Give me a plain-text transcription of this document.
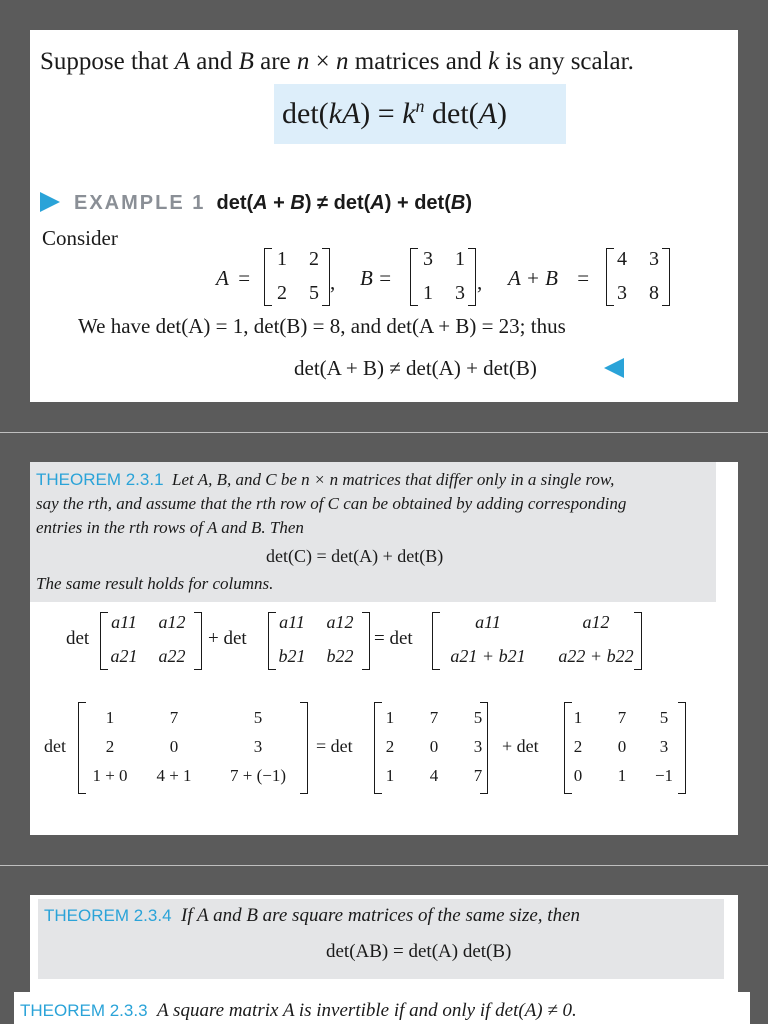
Suppose that A and B are n × n matrices and k is any scalar.
$\det(kA) = k^n$ det(A)
EXAMPLE 1 det(A + B) ≠ det(A) + det(B)
Consider
A =
1 2
2 5 , B =
3 1
1 3 , A + B =
4 3
3 8
We have det(A) = 1, det(B) = 8, and det(A + B) = 23; thus
det(A + B) ≠ det(A) + det(B)
THEOREM 2.3.1 Let A, B, and C be n × n matrices that differ only in a single row,
say the rth, and assume that the rth row of C can be obtained by adding corresponding
entries in the rth rows of A and B. Then
det(C) = det(A) + det(B)
The same result holds for columns.
det
a11 a12
a21 a22
+ det
a11 a12
b21 b22
= det
a11	a12
a21 + b21	a22 + b22
det
1	7	5
2	0	3
1 + 0	4 + 1	7 + (−1)
= det
1	7	5
2	0	3
1	4	7
+ det
1	7	5
2	0	3
0	1	−1
THEOREM 2.3.4 If A and B are square matrices of the same size, then
det(AB) = det(A) det(B)
THEOREM 2.3.3 A square matrix A is invertible if and only if det(A) ≠ 0.
